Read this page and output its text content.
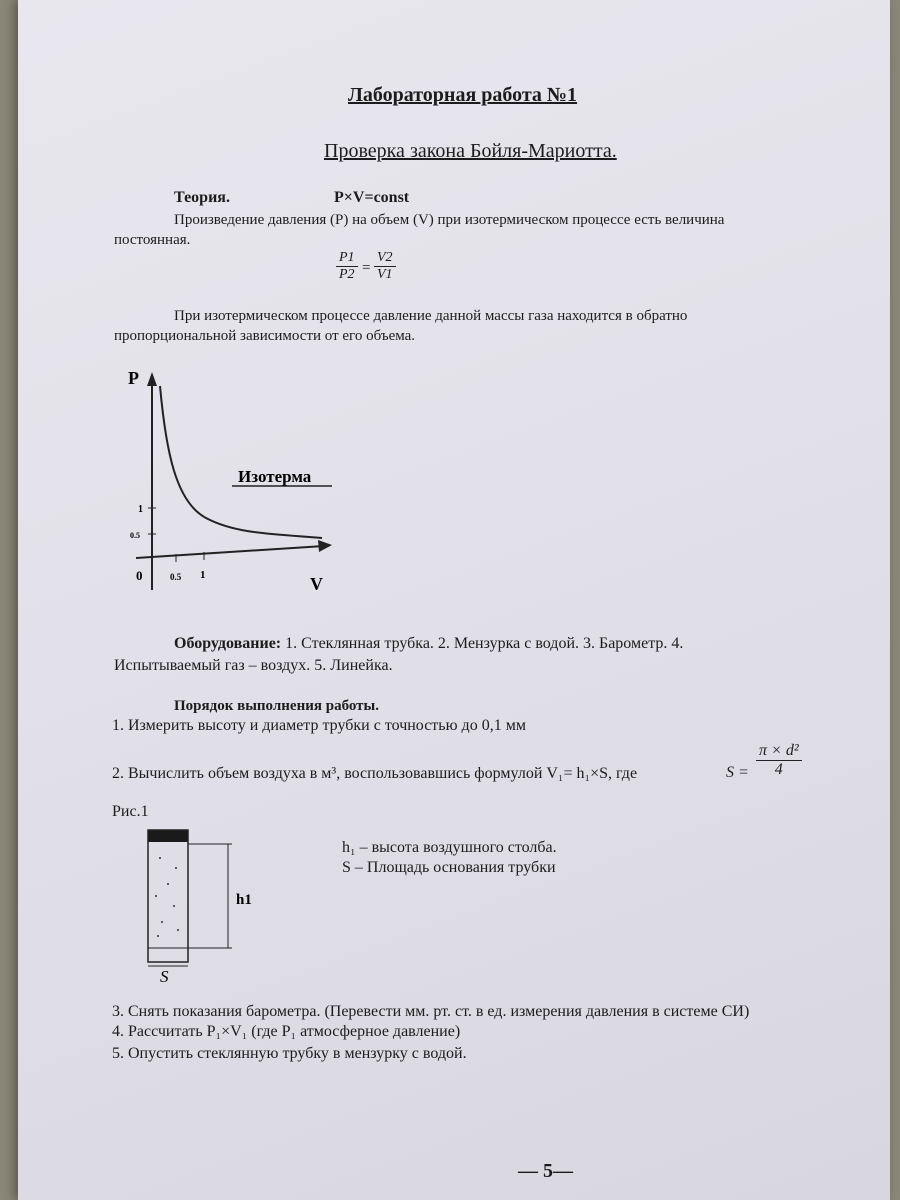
Лабораторная работа №1
Проверка закона Бойля-Мариотта.
Теория.	P×V=const
Произведение давления (P) на объем (V) при изотермическом процессе есть величина
постоянная.
$\frac{P1}{P2} = \frac{V2}{V1}$
При изотермическом процессе давление данной массы газа находится в обратно
пропорциональной зависимости от его объема.
P
V
0
1
0.5
0.5 1
Изотерма
Оборудование: 1. Стеклянная трубка. 2. Мензурка с водой. 3. Барометр. 4.
Испытываемый газ – воздух. 5. Линейка.
Порядок выполнения работы.
1. Измерить высоту и диаметр трубки с точностью до 0,1 мм
2. Вычислить объем воздуха в м³, воспользовавшись формулой V₁= h₁×S, где	$S = \frac{\text{π × d²}}{4}$
Рис.1
h1
S
h₁ – высота воздушного столба.
S – Площадь основания трубки
3. Снять показания барометра. (Перевести мм. рт. ст. в ед. измерения давления в системе СИ)
4. Рассчитать P₁×V₁ (где P₁ атмосферное давление)
5. Опустить стеклянную трубку в мензурку с водой.
— 5—
